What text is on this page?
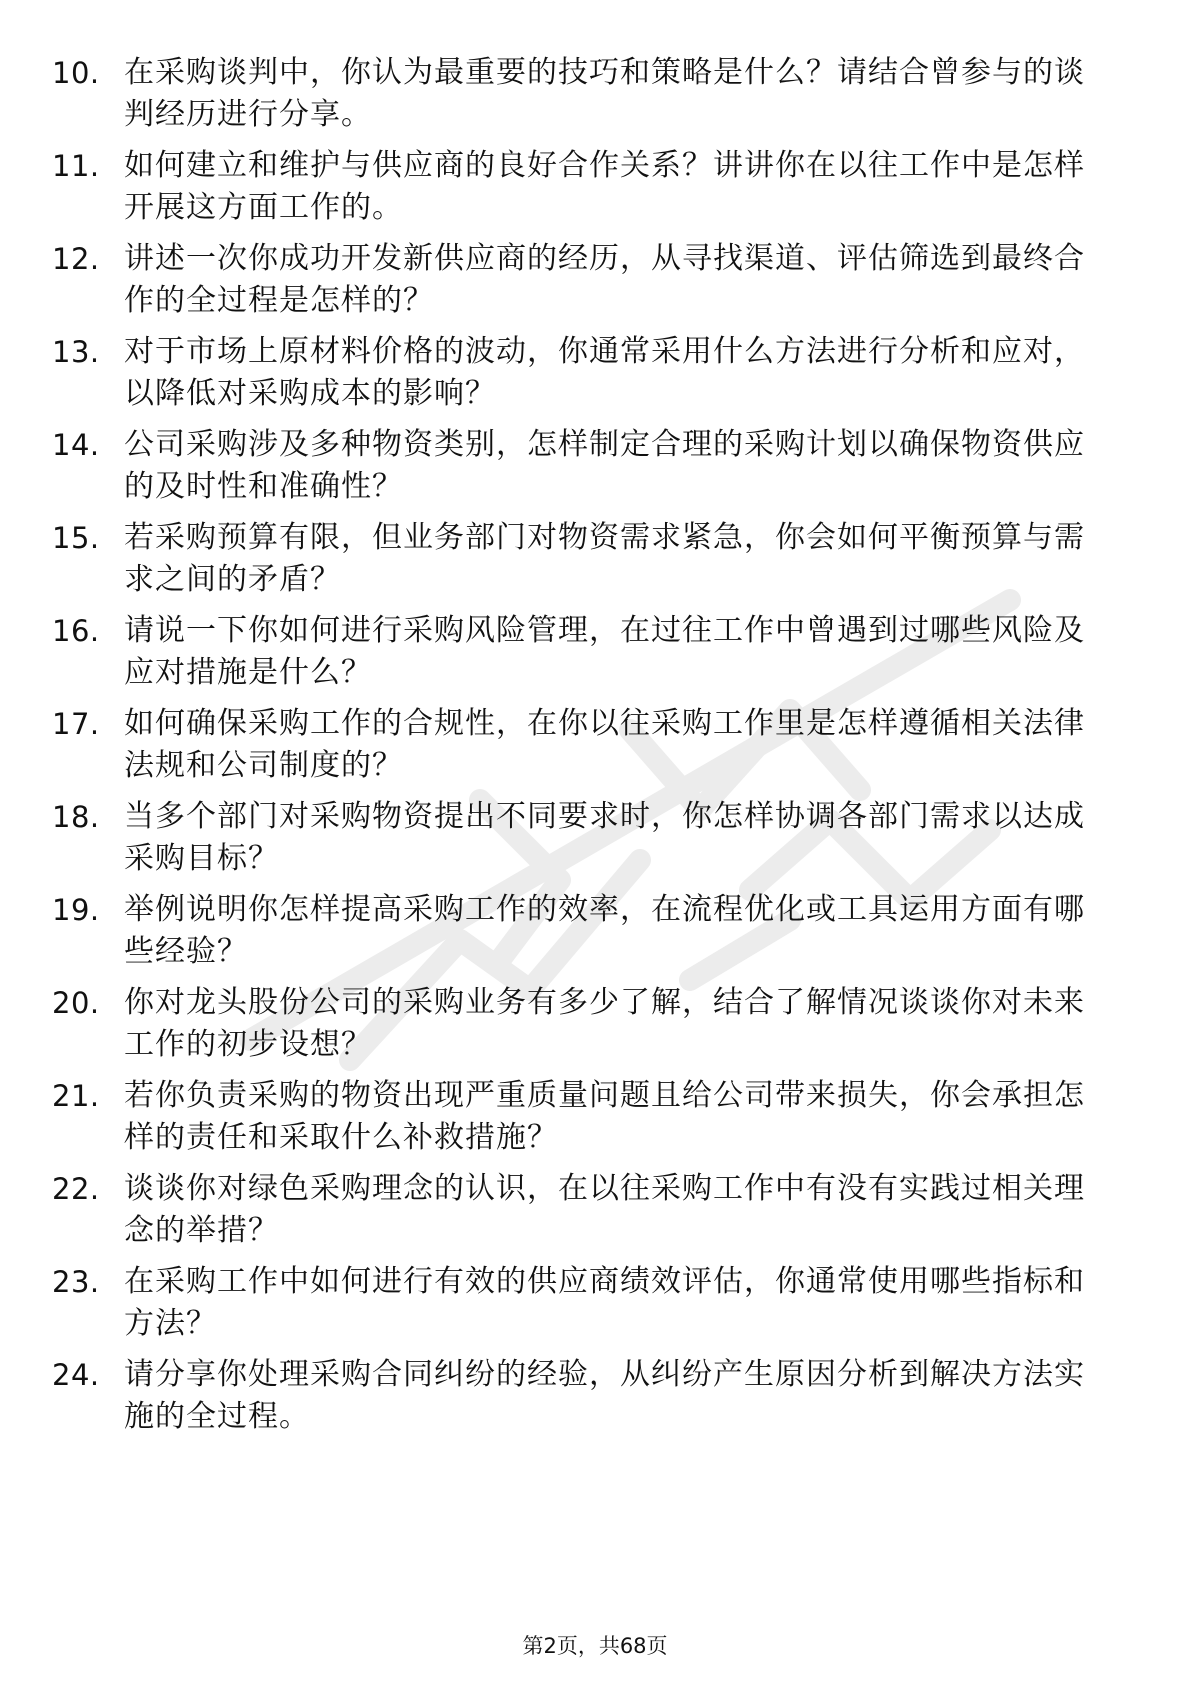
10. 在采购谈判中，你认为最重要的技巧和策略是什么？请结合曾参与的谈判经历进行分享。
11. 如何建立和维护与供应商的良好合作关系？讲讲你在以往工作中是怎样开展这方面工作的。
12. 讲述一次你成功开发新供应商的经历，从寻找渠道、评估筛选到最终合作的全过程是怎样的？
13. 对于市场上原材料价格的波动，你通常采用什么方法进行分析和应对，以降低对采购成本的影响？
14. 公司采购涉及多种物资类别，怎样制定合理的采购计划以确保物资供应的及时性和准确性？
15. 若采购预算有限，但业务部门对物资需求紧急，你会如何平衡预算与需求之间的矛盾？
16. 请说一下你如何进行采购风险管理，在过往工作中曾遇到过哪些风险及应对措施是什么？
17. 如何确保采购工作的合规性，在你以往采购工作里是怎样遵循相关法律法规和公司制度的？
18. 当多个部门对采购物资提出不同要求时，你怎样协调各部门需求以达成采购目标？
19. 举例说明你怎样提高采购工作的效率，在流程优化或工具运用方面有哪些经验？
20. 你对龙头股份公司的采购业务有多少了解，结合了解情况谈谈你对未来工作的初步设想？
21. 若你负责采购的物资出现严重质量问题且给公司带来损失，你会承担怎样的责任和采取什么补救措施？
22. 谈谈你对绿色采购理念的认识，在以往采购工作中有没有实践过相关理念的举措？
23. 在采购工作中如何进行有效的供应商绩效评估，你通常使用哪些指标和方法？
24. 请分享你处理采购合同纠纷的经验，从纠纷产生原因分析到解决方法实施的全过程。
第2页，共68页
